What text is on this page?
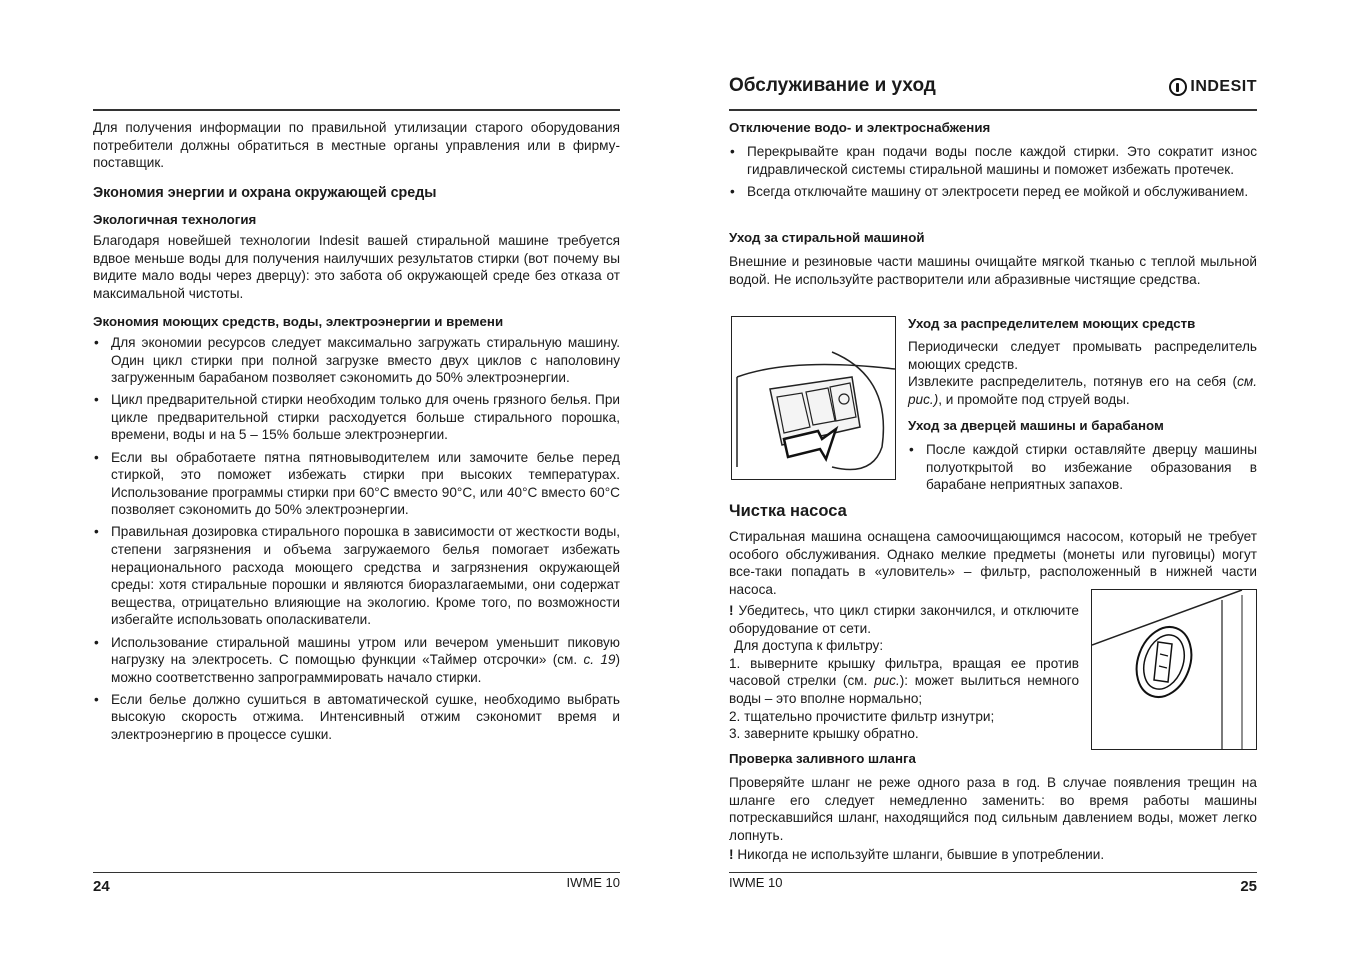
Для получения информации по правильной утилизации старого оборудования потребители должны обратиться в местные органы управления или в фирму-поставщик.

Экономия энергии и охрана окружающей среды
Экологичная технология

Благодаря новейшей технологии Indesit вашей стиральной машине требуется вдвое меньше воды для получения наилучших результатов стирки (вот почему вы видите мало воды через дверцу): это забота об окружающей среде без отказа от максимальной чистоты.

Экономия моющих средств, воды, электроэнергии и времени
• Для экономии ресурсов следует максимально загружать стиральную машину. Один цикл стирки при полной загрузке вместо двух циклов с наполовину загруженным барабаном позволяет сэкономить до 50% электроэнергии.
• Цикл предварительной стирки необходим только для очень грязного белья. При цикле предварительной стирки расходуется больше стирального порошка, времени, воды и на 5 – 15% больше электроэнергии.
• Если вы обработаете пятна пятновыводителем или замочите белье перед стиркой, это поможет избежать стирки при высоких температурах. Использование программы стирки при 60°C вместо 90°C, или 40°C вместо 60°C позволяет сэкономить до 50% электроэнергии.
• Правильная дозировка стирального порошка в зависимости от жесткости воды, степени загрязнения и объема загружаемого белья помогает избежать нерационального расхода моющего средства и загрязнения окружающей среды: хотя стиральные порошки и являются биоразлагаемыми, они содержат вещества, отрицательно влияющие на экологию. Кроме того, по возможности избегайте использовать ополаскиватели.
• Использование стиральной машины утром или вечером уменьшит пиковую нагрузку на электросеть. С помощью функции «Таймер отсрочки» (см. с. 19) можно соответственно запрограммировать начало стирки.
• Если белье должно сушиться в автоматической сушке, необходимо выбрать высокую скорость отжима. Интенсивный отжим сэкономит время и электроэнергию в процессе сушки.
24	IWME 10
Обслуживание и уход	INDESIT
Отключение водо- и электроснабжения
• Перекрывайте кран подачи воды после каждой стирки. Это сократит износ гидравлической системы стиральной машины и поможет избежать протечек.
• Всегда отключайте машину от электросети перед ее мойкой и обслуживанием.
Уход за стиральной машиной

Внешние и резиновые части машины очищайте мягкой тканью с теплой мыльной водой. Не используйте растворители или абразивные чистящие средства.

Уход за распределителем моющих средств

Периодически следует промывать распределитель моющих средств.

Извлеките распределитель, потянув его на себя (см. рис.), и промойте под струей воды.

Уход за дверцей машины и барабаном
• После каждой стирки оставляйте дверцу машины полуоткрытой во избежание образования в барабане неприятных запахов.
Чистка насоса

Стиральная машина оснащена самоочищающимся насосом, который не требует особого обслуживания. Однако мелкие предметы (монеты или пуговицы) могут все-таки попадать в «уловитель» – фильтр, расположенный в нижней части насоса.

! Убедитесь, что цикл стирки закончился, и отключите оборудование от сети.

Для доступа к фильтру:

1. выверните крышку фильтра, вращая ее против часовой стрелки (см. рис.): может вылиться немного воды – это вполне нормально;

2. тщательно прочистите фильтр изнутри;

3. заверните крышку обратно.

Проверка заливного шланга

Проверяйте шланг не реже одного раза в год. В случае появления трещин на шланге его следует немедленно заменить: во время работы машины потрескавшийся шланг, находящийся под сильным давлением воды, может легко лопнуть.

! Никогда не используйте шланги, бывшие в употреблении.

IWME 10	25
